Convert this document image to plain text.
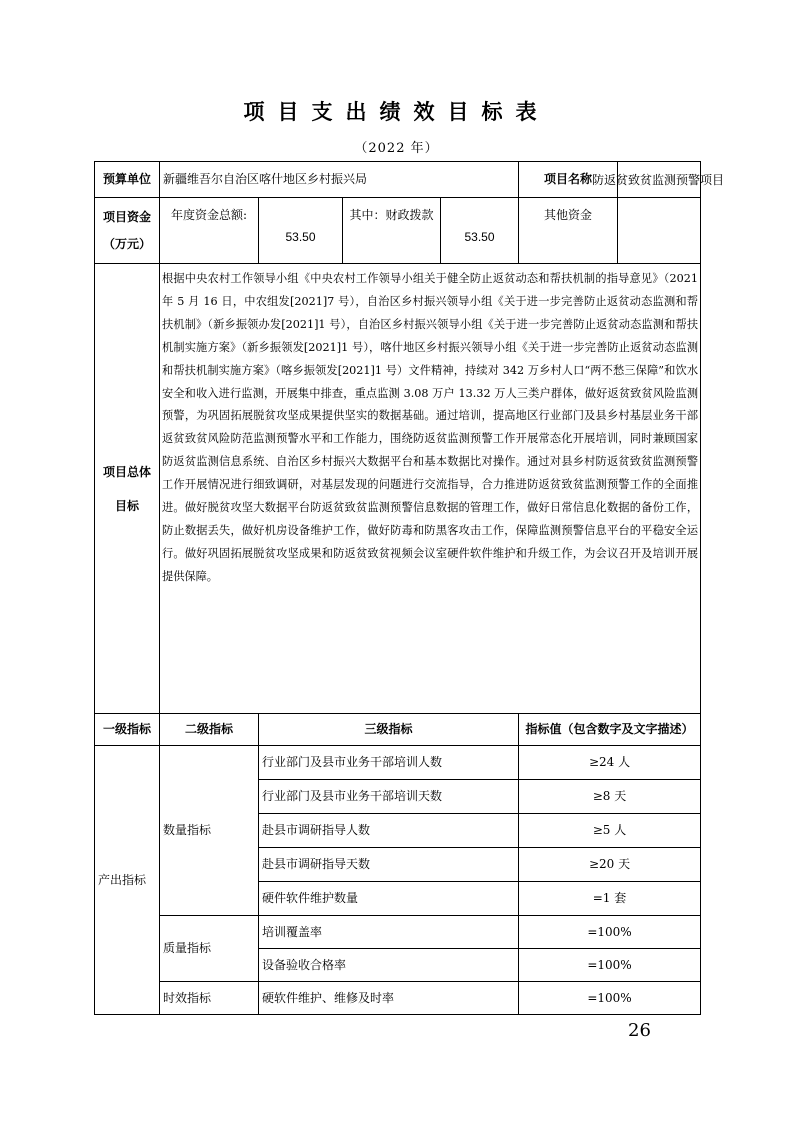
项目支出绩效目标表
（2022 年）
预算单位	新疆维吾尔自治区喀什地区乡村振兴局				项目名称	防返贫致贫监测预警项目

项目资金
（万元）	年度资金总额:	53.50	其中：财政拨款	53.50	其他资金	
项目总体目标	根据中央农村工作领导小组《中央农村工作领导小组关于健全防止返贫动态和帮扶机制的指导意见》（2021 年 5 月 16 日，中农组发[2021]7 号），自治区乡村振兴领导小组《关于进一步完善防止返贫动态监测和帮扶机制》（新乡振领办发[2021]1 号），自治区乡村振兴领导小组《关于进一步完善防止返贫动态监测和帮扶机制实施方案》（新乡振领发[2021]1 号），喀什地区乡村振兴领导小组《关于进一步完善防止返贫动态监测和帮扶机制实施方案》（喀乡振领发[2021]1 号）文件精神，持续对 342 万乡村人口“两不愁三保障”和饮水安全和收入进行监测，开展集中排查，重点监测 3.08 万户 13.32 万人三类户群体，做好返贫致贫风险监测预警，为巩固拓展脱贫攻坚成果提供坚实的数据基础。通过培训，提高地区行业部门及县乡村基层业务干部返贫致贫风险防范监测预警水平和工作能力，围绕防返贫监测预警工作开展常态化开展培训，同时兼顾国家防返贫监测信息系统、自治区乡村振兴大数据平台和基本数据比对操作。通过对县乡村防返贫致贫监测预警工作开展情况进行细致调研，对基层发现的问题进行交流指导，合力推进防返贫致贫监测预警工作的全面推进。做好脱贫攻坚大数据平台防返贫致贫监测预警信息数据的管理工作，做好日常信息化数据的备份工作，防止数据丢失，做好机房设备维护工作，做好防毒和防黑客攻击工作，保障监测预警信息平台的平稳安全运行。做好巩固拓展脱贫攻坚成果和防返贫致贫视频会议室硬件软件维护和升级工作，为会议召开及培训开展提供保障。					
一级指标	二级指标	三级指标			指标值（包含数字及文字描述）	
产出指标	数量指标	行业部门及县市业务干部培训人数			≥24 人	
		行业部门及县市业务干部培训天数			≥8 天	
		赴县市调研指导人数			≥5 人	
		赴县市调研指导天数			≥20 天	
		硬件软件维护数量			=1 套	
	质量指标	培训覆盖率			=100%	
		设备验收合格率			=100%	
	时效指标	硬软件维护、维修及时率			=100%	
26
